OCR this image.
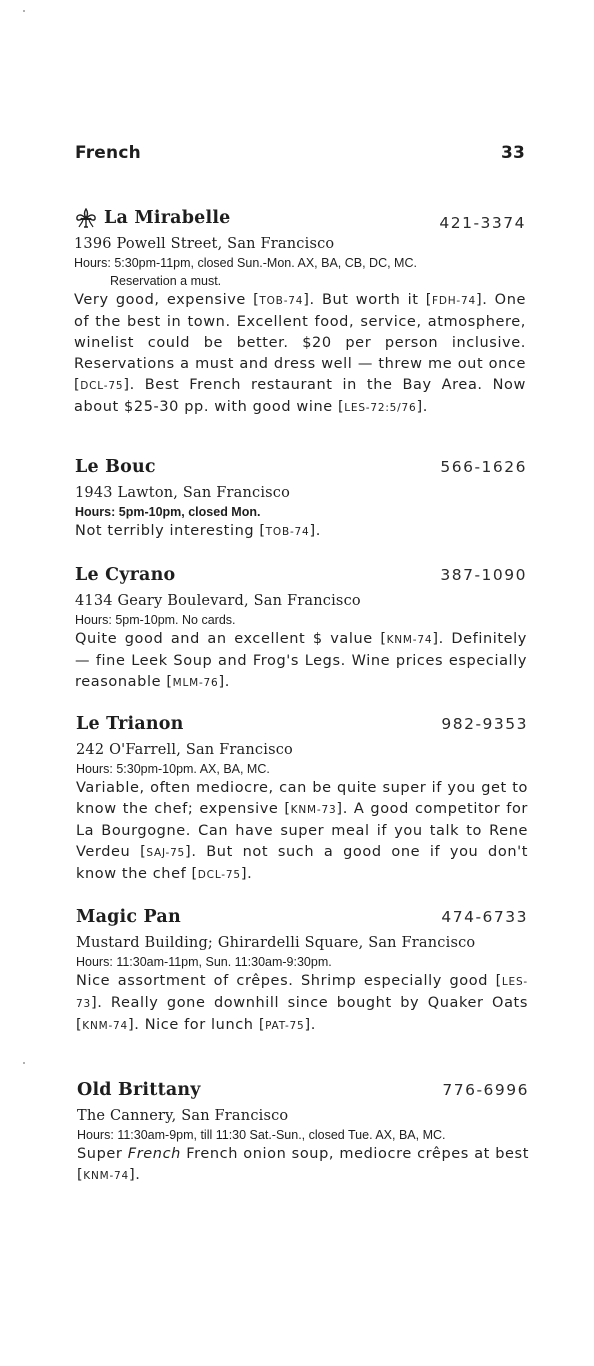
French	33
La Mirabelle	421-3374
1396 Powell Street, San Francisco
Hours: 5:30pm-11pm, closed Sun.-Mon. AX, BA, CB, DC, MC.
Reservation a must.
Very good, expensive [TOB-74]. But worth it [FDH-74]. One of the best in town. Excellent food, service, atmosphere, winelist could be better. $20 per person inclusive. Reservations a must and dress well — threw me out once [DCL-75]. Best French restaurant in the Bay Area. Now about $25-30 pp. with good wine [LES-72:5/76].
Le Bouc	566-1626
1943 Lawton, San Francisco
Hours: 5pm-10pm, closed Mon.
Not terribly interesting [TOB-74].
Le Cyrano	387-1090
4134 Geary Boulevard, San Francisco
Hours: 5pm-10pm. No cards.
Quite good and an excellent $ value [KNM-74]. Definitely — fine Leek Soup and Frog's Legs. Wine prices especially reasonable [MLM-76].
Le Trianon	982-9353
242 O'Farrell, San Francisco
Hours: 5:30pm-10pm. AX, BA, MC.
Variable, often mediocre, can be quite super if you get to know the chef; expensive [KNM-73]. A good competitor for La Bourgogne. Can have super meal if you talk to Rene Verdeu [SAJ-75]. But not such a good one if you don't know the chef [DCL-75].
Magic Pan	474-6733
Mustard Building; Ghirardelli Square, San Francisco
Hours: 11:30am-11pm, Sun. 11:30am-9:30pm.
Nice assortment of crêpes. Shrimp especially good [LES-73]. Really gone downhill since bought by Quaker Oats [KNM-74]. Nice for lunch [PAT-75].
Old Brittany	776-6996
The Cannery, San Francisco
Hours: 11:30am-9pm, till 11:30 Sat.-Sun., closed Tue. AX, BA, MC.
Super French French onion soup, mediocre crêpes at best [KNM-74].
